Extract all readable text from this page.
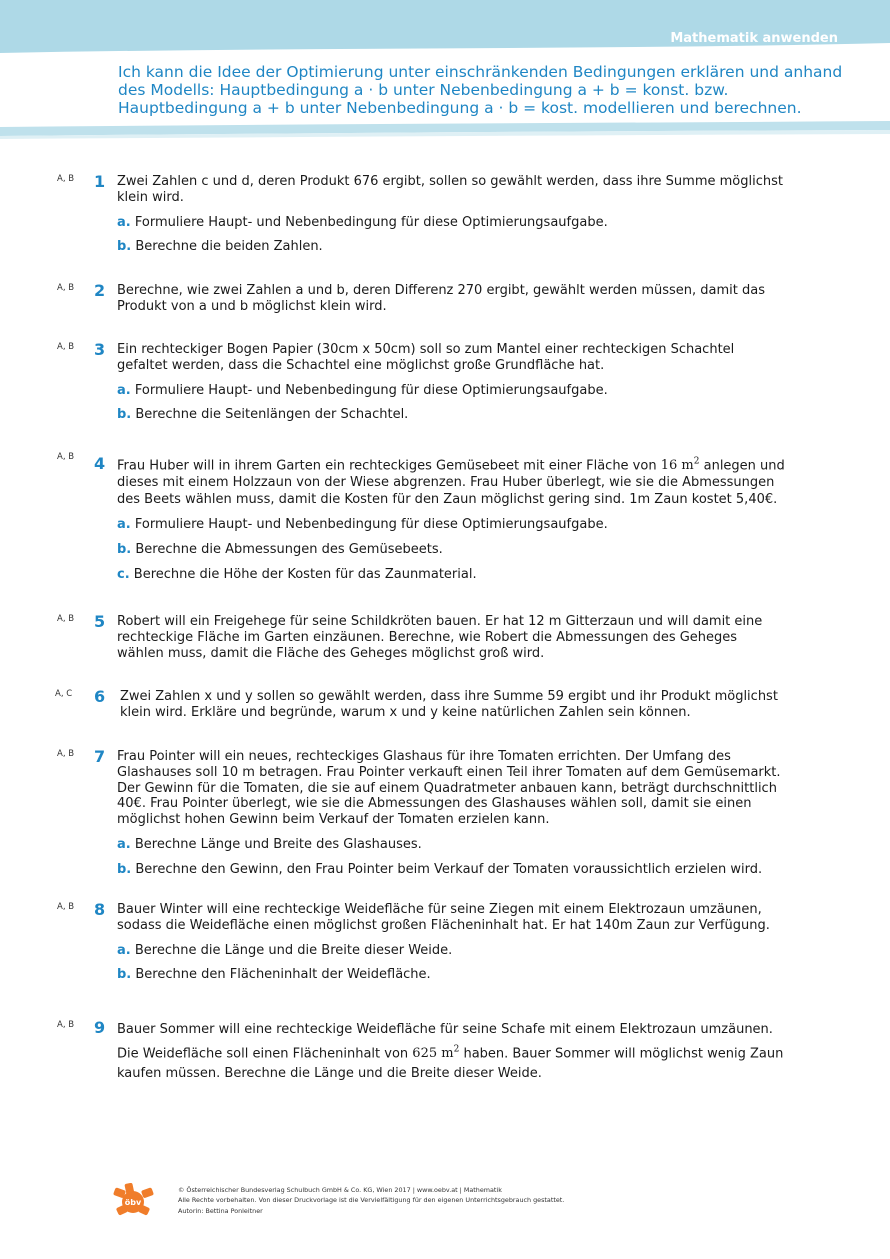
Mathematik anwenden

Ich kann die Idee der Optimierung unter einschränkenden Bedingungen erklären und anhand des Modells: Hauptbedingung a · b unter Nebenbedingung a + b = konst. bzw. Hauptbedingung a + b unter Nebenbedingung a · b = kost. modellieren und berechnen.

A, B 1 Zwei Zahlen c und d, deren Produkt 676 ergibt, sollen so gewählt werden, dass ihre Summe möglichst klein wird.

a. Formuliere Haupt- und Nebenbedingung für diese Optimierungsaufgabe.

b. Berechne die beiden Zahlen.

A, B 2 Berechne, wie zwei Zahlen a und b, deren Differenz 270 ergibt, gewählt werden müssen, damit das Produkt von a und b möglichst klein wird.

A, B 3 Ein rechteckiger Bogen Papier (30cm x 50cm) soll so zum Mantel einer rechteckigen Schachtel gefaltet werden, dass die Schachtel eine möglichst große Grundfläche hat.

a. Formuliere Haupt- und Nebenbedingung für diese Optimierungsaufgabe.

b. Berechne die Seitenlängen der Schachtel.

A, B 4 Frau Huber will in ihrem Garten ein rechteckiges Gemüsebeet mit einer Fläche von 16 $m^2$ anlegen und dieses mit einem Holzzaun von der Wiese abgrenzen. Frau Huber überlegt, wie sie die Abmessungen des Beets wählen muss, damit die Kosten für den Zaun möglichst gering sind. 1m Zaun kostet 5,40€.

a. Formuliere Haupt- und Nebenbedingung für diese Optimierungsaufgabe.

b. Berechne die Abmessungen des Gemüsebeets.

c. Berechne die Höhe der Kosten für das Zaunmaterial.

A, B 5 Robert will ein Freigehege für seine Schildkröten bauen. Er hat 12 m Gitterzaun und will damit eine rechteckige Fläche im Garten einzäunen. Berechne, wie Robert die Abmessungen des Geheges wählen muss, damit die Fläche des Geheges möglichst groß wird.

A, C 6 Zwei Zahlen x und y sollen so gewählt werden, dass ihre Summe 59 ergibt und ihr Produkt möglichst klein wird. Erkläre und begründe, warum x und y keine natürlichen Zahlen sein können.

A, B 7 Frau Pointer will ein neues, rechteckiges Glashaus für ihre Tomaten errichten. Der Umfang des Glashauses soll 10 m betragen. Frau Pointer verkauft einen Teil ihrer Tomaten auf dem Gemüsemarkt. Der Gewinn für die Tomaten, die sie auf einem Quadratmeter anbauen kann, beträgt durchschnittlich 40€. Frau Pointer überlegt, wie sie die Abmessungen des Glashauses wählen soll, damit sie einen möglichst hohen Gewinn beim Verkauf der Tomaten erzielen kann.

a. Berechne Länge und Breite des Glashauses.

b. Berechne den Gewinn, den Frau Pointer beim Verkauf der Tomaten voraussichtlich erzielen wird.

A, B 8 Bauer Winter will eine rechteckige Weidefläche für seine Ziegen mit einem Elektrozaun umzäunen, sodass die Weidefläche einen möglichst großen Flächeninhalt hat. Er hat 140m Zaun zur Verfügung.

a. Berechne die Länge und die Breite dieser Weide.

b. Berechne den Flächeninhalt der Weidefläche.

A, B 9 Bauer Sommer will eine rechteckige Weidefläche für seine Schafe mit einem Elektrozaun umzäunen. Die Weidefläche soll einen Flächeninhalt von 625 $m^2$ haben. Bauer Sommer will möglichst wenig Zaun kaufen müssen. Berechne die Länge und die Breite dieser Weide.

öbv

© Österreichischer Bundesverlag Schulbuch GmbH & Co. KG, Wien 2017 | www.oebv.at | Mathematik

Alle Rechte vorbehalten. Von dieser Druckvorlage ist die Vervielfältigung für den eigenen Unterrichtsgebrauch gestattet.

Autorin: Bettina Ponleitner
